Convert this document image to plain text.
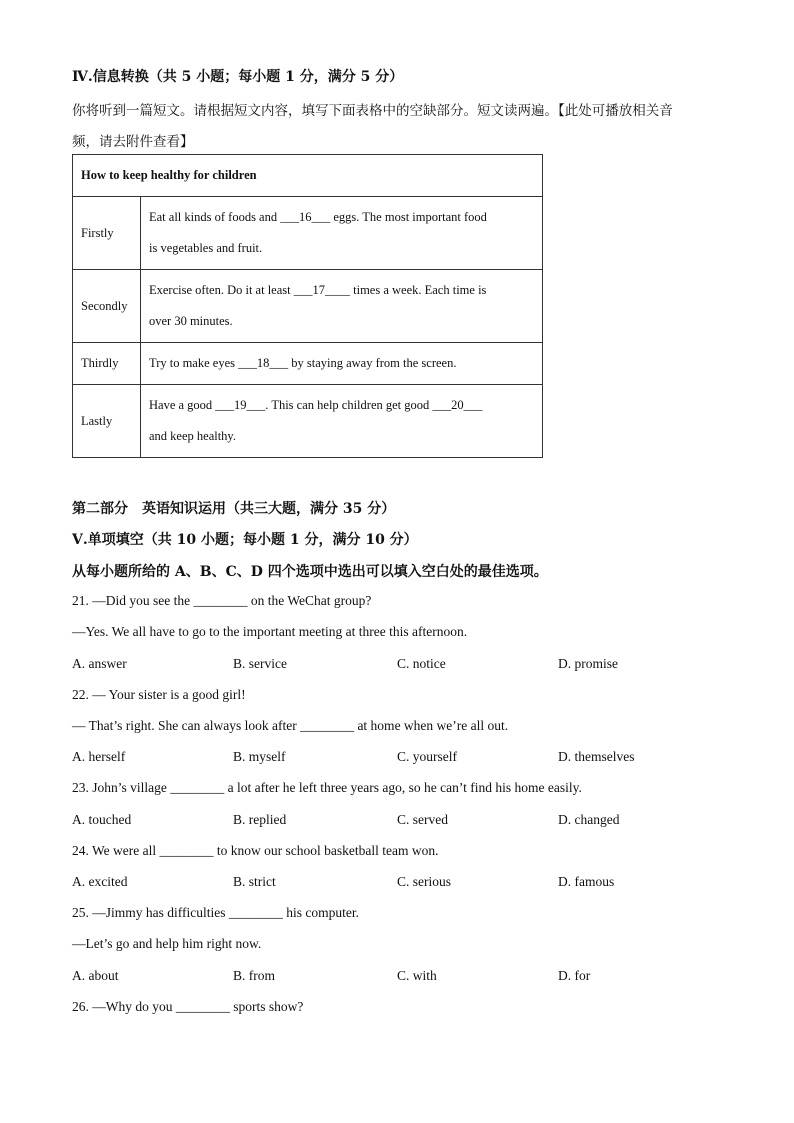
Ⅳ.信息转换（共 5 小题；每小题 1 分，满分 5 分）
你将听到一篇短文。请根据短文内容，填写下面表格中的空缺部分。短文读两遍。【此处可播放相关音
频，请去附件查看】
How to keep healthy for children	
Firstly	Eat all kinds of foods and ___16___ eggs. The most important food
is vegetables and fruit.
Secondly	Exercise often. Do it at least ___17____ times a week. Each time is
over 30 minutes.
Thirdly	Try to make eyes ___18___ by staying away from the screen.
Lastly	Have a good ___19___. This can help children get good ___20___
and keep healthy.
第二部分　英语知识运用（共三大题，满分 35 分）
Ⅴ.单项填空（共 10 小题；每小题 1 分，满分 10 分）
从每小题所给的 A、B、C、D 四个选项中选出可以填入空白处的最佳选项。
21. —Did you see the ________ on the WeChat group?
—Yes. We all have to go to the important meeting at three this afternoon.
A. answer	B. service	C. notice	D. promise
22. — Your sister is a good girl!
— That’s right. She can always look after ________ at home when we’re all out.
A. herself	B. myself	C. yourself	D. themselves
23. John’s village ________ a lot after he left three years ago, so he can’t find his home easily.
A. touched	B. replied	C. served	D. changed
24. We were all ________ to know our school basketball team won.
A. excited	B. strict	C. serious	D. famous
25. —Jimmy has difficulties ________ his computer.
—Let’s go and help him right now.
A. about	B. from	C. with	D. for
26. —Why do you ________ sports show?
